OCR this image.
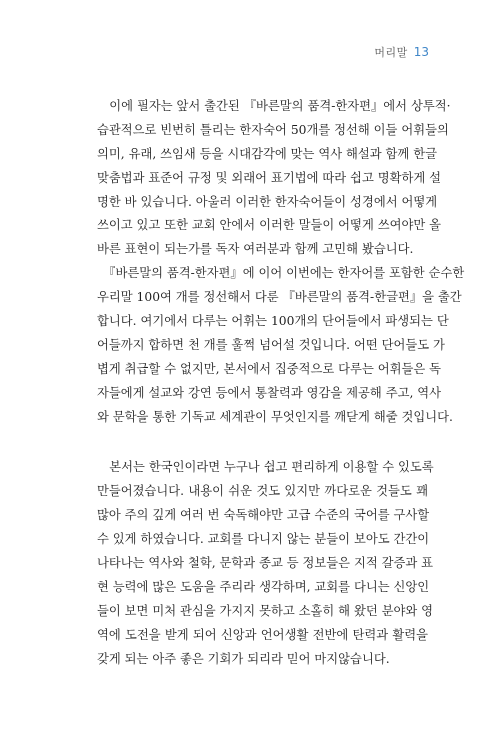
머리말 13
　이에 필자는 앞서 출간된 『바른말의 품격-한자편』에서 상투적·
습관적으로 빈번히 틀리는 한자숙어 50개를 정선해 이들 어휘들의
의미, 유래, 쓰임새 등을 시대감각에 맞는 역사 해설과 함께 한글
맞춤법과 표준어 규정 및 외래어 표기법에 따라 쉽고 명확하게 설
명한 바 있습니다. 아울러 이러한 한자숙어들이 성경에서 어떻게
쓰이고 있고 또한 교회 안에서 이러한 말들이 어떻게 쓰여야만 올
바른 표현이 되는가를 독자 여러분과 함께 고민해 봤습니다.
　『바른말의 품격-한자편』에 이어 이번에는 한자어를 포함한 순수한
우리말 100여 개를 정선해서 다룬 『바른말의 품격-한글편』을 출간
합니다. 여기에서 다루는 어휘는 100개의 단어들에서 파생되는 단
어들까지 합하면 천 개를 훌쩍 넘어설 것입니다. 어떤 단어들도 가
볍게 취급할 수 없지만, 본서에서 집중적으로 다루는 어휘들은 독
자들에게 설교와 강연 등에서 통찰력과 영감을 제공해 주고, 역사
와 문학을 통한 기독교 세계관이 무엇인지를 깨닫게 해줄 것입니다.
　본서는 한국인이라면 누구나 쉽고 편리하게 이용할 수 있도록
만들어졌습니다. 내용이 쉬운 것도 있지만 까다로운 것들도 꽤
많아 주의 깊게 여러 번 숙독해야만 고급 수준의 국어를 구사할
수 있게 하였습니다. 교회를 다니지 않는 분들이 보아도 간간이
나타나는 역사와 철학, 문학과 종교 등 정보들은 지적 갈증과 표
현 능력에 많은 도움을 주리라 생각하며, 교회를 다니는 신앙인
들이 보면 미처 관심을 가지지 못하고 소홀히 해 왔던 분야와 영
역에 도전을 받게 되어 신앙과 언어생활 전반에 탄력과 활력을
갖게 되는 아주 좋은 기회가 되리라 믿어 마지않습니다.
